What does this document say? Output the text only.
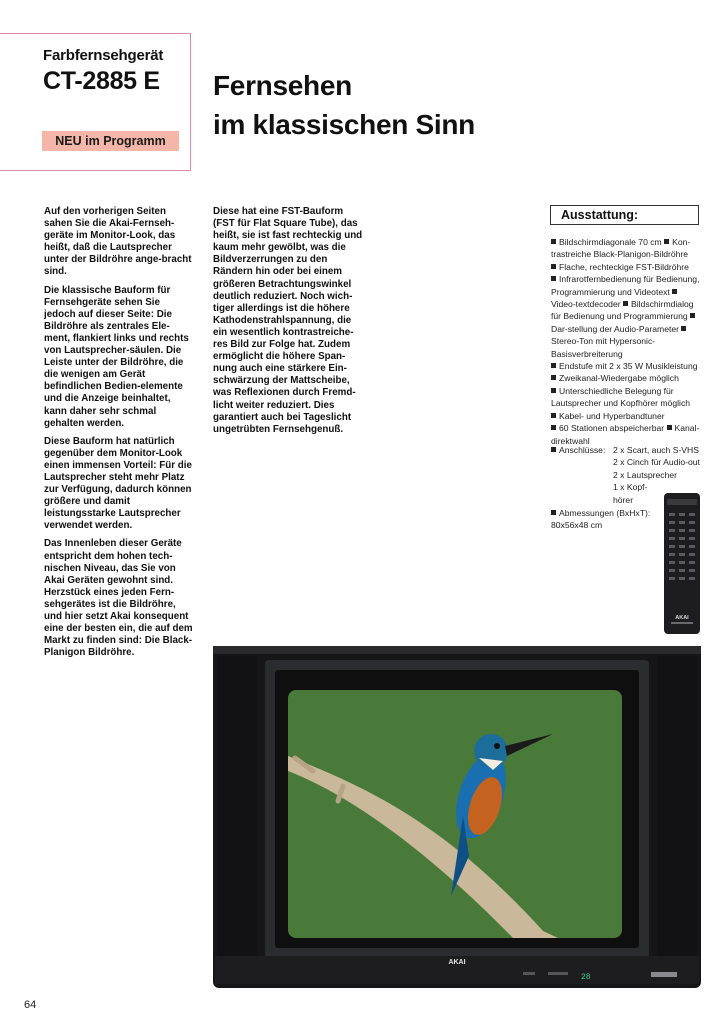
Farbfernsehgerät
CT-2885 E
NEU im Programm
Fernsehen
im klassischen Sinn

Auf den vorherigen Seiten sahen Sie die Akai-Fernseh-geräte im Monitor-Look, das heißt, daß die Lautsprecher unter der Bildröhre ange-bracht sind.

Die klassische Bauform für Fernsehgeräte sehen Sie jedoch auf dieser Seite: Die Bildröhre als zentrales Ele-ment, flankiert links und rechts von Lautsprecher-säulen. Die Leiste unter der Bildröhre, die die wenigen am Gerät befindlichen Bedien-elemente und die Anzeige beinhaltet, kann daher sehr schmal gehalten werden.

Diese Bauform hat natürlich gegenüber dem Monitor-Look einen immensen Vorteil: Für die Lautsprecher steht mehr Platz zur Verfügung, dadurch können größere und damit leistungsstarke Lautsprecher verwendet werden.

Das Innenleben dieser Geräte entspricht dem hohen tech-nischen Niveau, das Sie von Akai Geräten gewohnt sind. Herzstück eines jeden Fern-sehgerätes ist die Bildröhre, und hier setzt Akai konsequent eine der besten ein, die auf dem Markt zu finden sind: Die Black-Planigon Bildröhre.

Diese hat eine FST-Bauform (FST für Flat Square Tube), das heißt, sie ist fast rechteckig und kaum mehr gewölbt, was die Bildverzerrungen zu den Rändern hin oder bei einem größeren Betrachtungswinkel deutlich reduziert. Noch wich-tiger allerdings ist die höhere Kathodenstrahlspannung, die ein wesentlich kontrastreiche-res Bild zur Folge hat. Zudem ermöglicht die höhere Span-nung auch eine stärkere Ein-schwärzung der Mattscheibe, was Reflexionen durch Fremd-licht weiter reduziert. Dies garantiert auch bei Tageslicht ungetrübten Fernsehgenuß.

Ausstattung:
Bildschirmdiagonale 70 cm Kon-trastreiche Black-Planigon-Bildröhre
Flache, rechteckige FST-Bildröhre
Infrarotfernbedienung für Bedienung, Programmierung und Videotext Video-textdecoder Bildschirmdialog für Bedienung und Programmierung Dar-stellung der Audio-Parameter Stereo-Ton mit Hypersonic-Basisverbreiterung
Endstufe mit 2 x 35 W Musikleistung
Zweikanal-Wiedergabe möglich
Unterschiedliche Belegung für Lautsprecher und Kopfhörer möglich
Kabel- und Hyperbandtuner
60 Stationen abspeicherbar Kanal-direktwahl
Anschlüsse: 2 x Scart, auch S-VHS
2 x Cinch für Audio-out
2 x Lautsprecher
1 x Kopf-
hörer
Abmessungen (BxHxT):
80x56x48 cm
AKAI
AKAI
28
64
